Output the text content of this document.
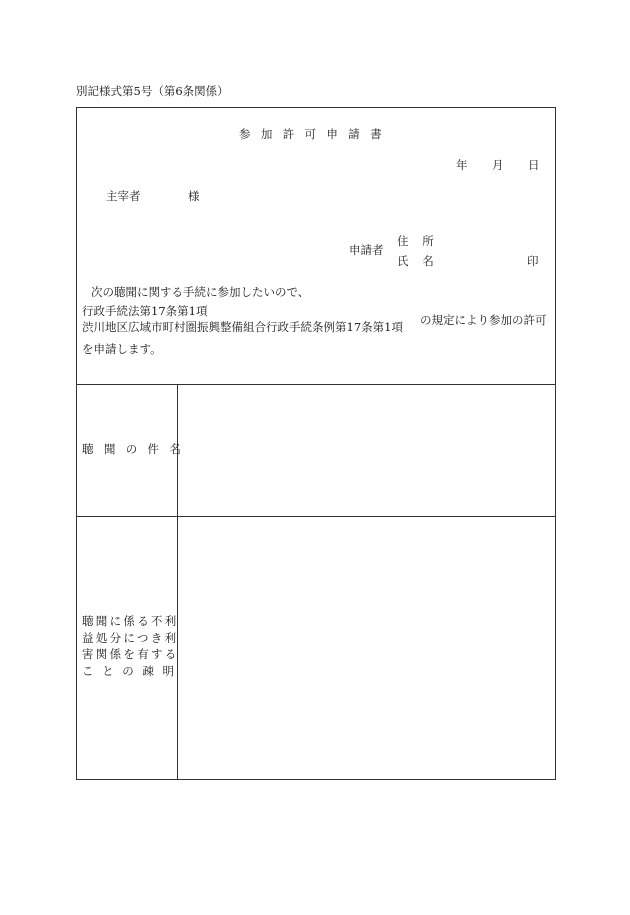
別記様式第5号（第6条関係）
参加許可申請書
年 月 日
主宰者	様
申請者
住　所
氏　名	印
次の聴聞に関する手続に参加したいので、
行政手続法第17条第1項
渋川地区広域市町村圏振興整備組合行政手続条例第17条第1項 の規定により参加の許可
を申請します。
聴聞の件名
聴聞に係る不利
益処分につき利
害関係を有する
ことの疎明
